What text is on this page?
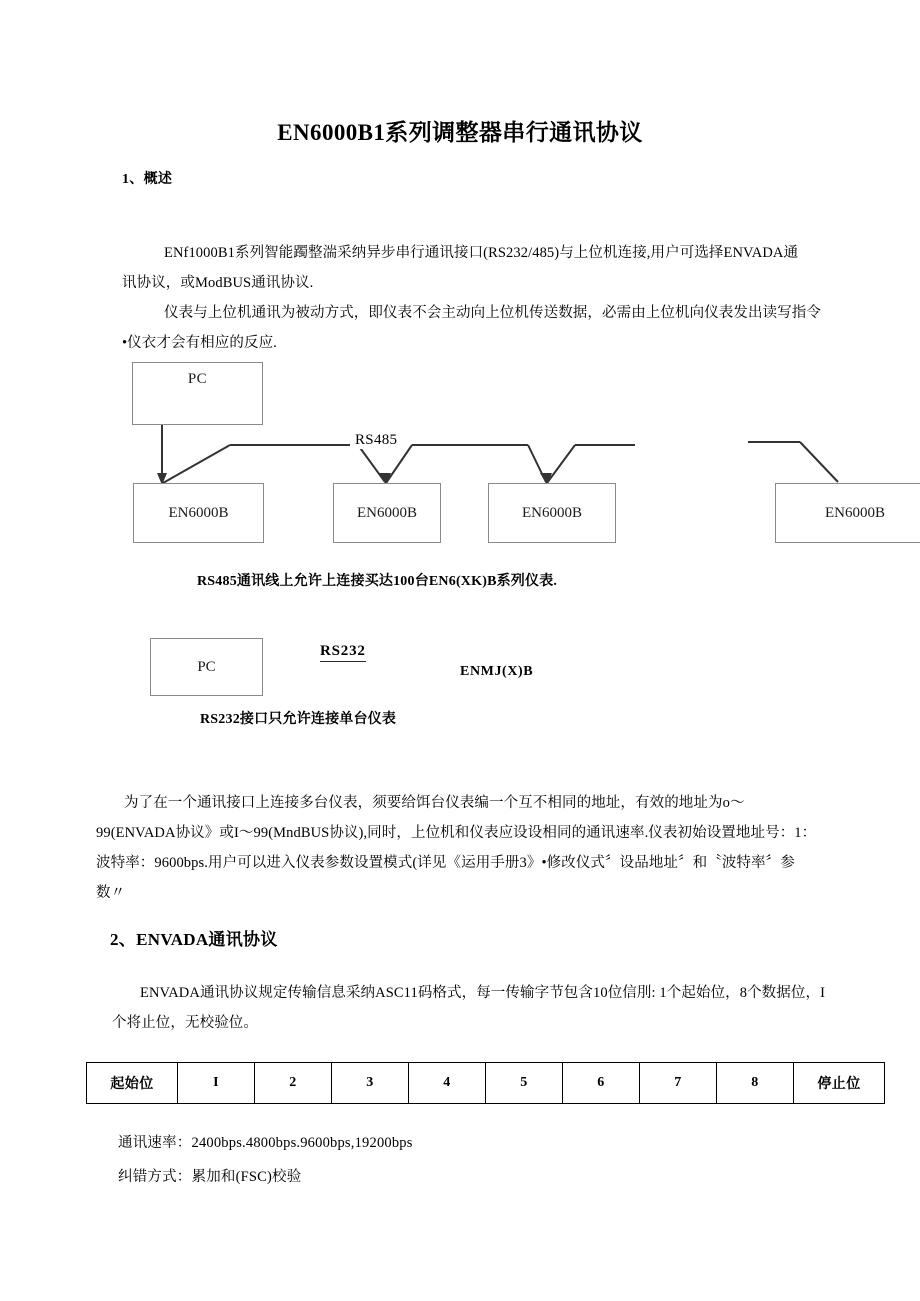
EN6000B1系列调整器串行通讯协议
1、概述
ENf1000B1系列智能躅整湍采纳异步串行通讯接口(RS232/485)与上位机连接,用户可选择ENVADA通
讯协议，或ModBUS通讯协议.
仪表与上位机通讯为被动方式，即仪表不会主动向上位机传送数据，必需由上位机向仪表发出读写指令
•仪衣才会有相应的反应.
PC
RS485
EN6000B	EN6000B	EN6000B	EN6000B
RS485通讯线上允许上连接买达100台EN6(XK)B系列仪表.
PC
RS232
ENMJ(X)B
RS232接口只允许连接单台仪表
为了在一个通讯接口上连接多台仪表，须要给饵台仪表编一个互不相同的地址，有效的地址为o～
99(ENVADA协议》或I～99(MndBUS协议),同时，上位机和仪表应设设相同的通讯速率.仪表初始设置地址号：1：
波特率：9600bps.用户可以进入仪表参数设置模式(详见《运用手册3》•修改仪式〞设品地址〞和〝波特率〞参
数〃
2、ENVADA通讯协议
ENVADA通讯协议规定传输信息采纳ASC11码格式，每一传输字节包含10位信刖: 1个起始位，8个数据位，I
个将止位，无校验位。
起始位	I	2	3	4	5	6	7	8	停止位
通讯速率：2400bps.4800bps.9600bps,19200bps
纠错方式：累加和(FSC)校验
